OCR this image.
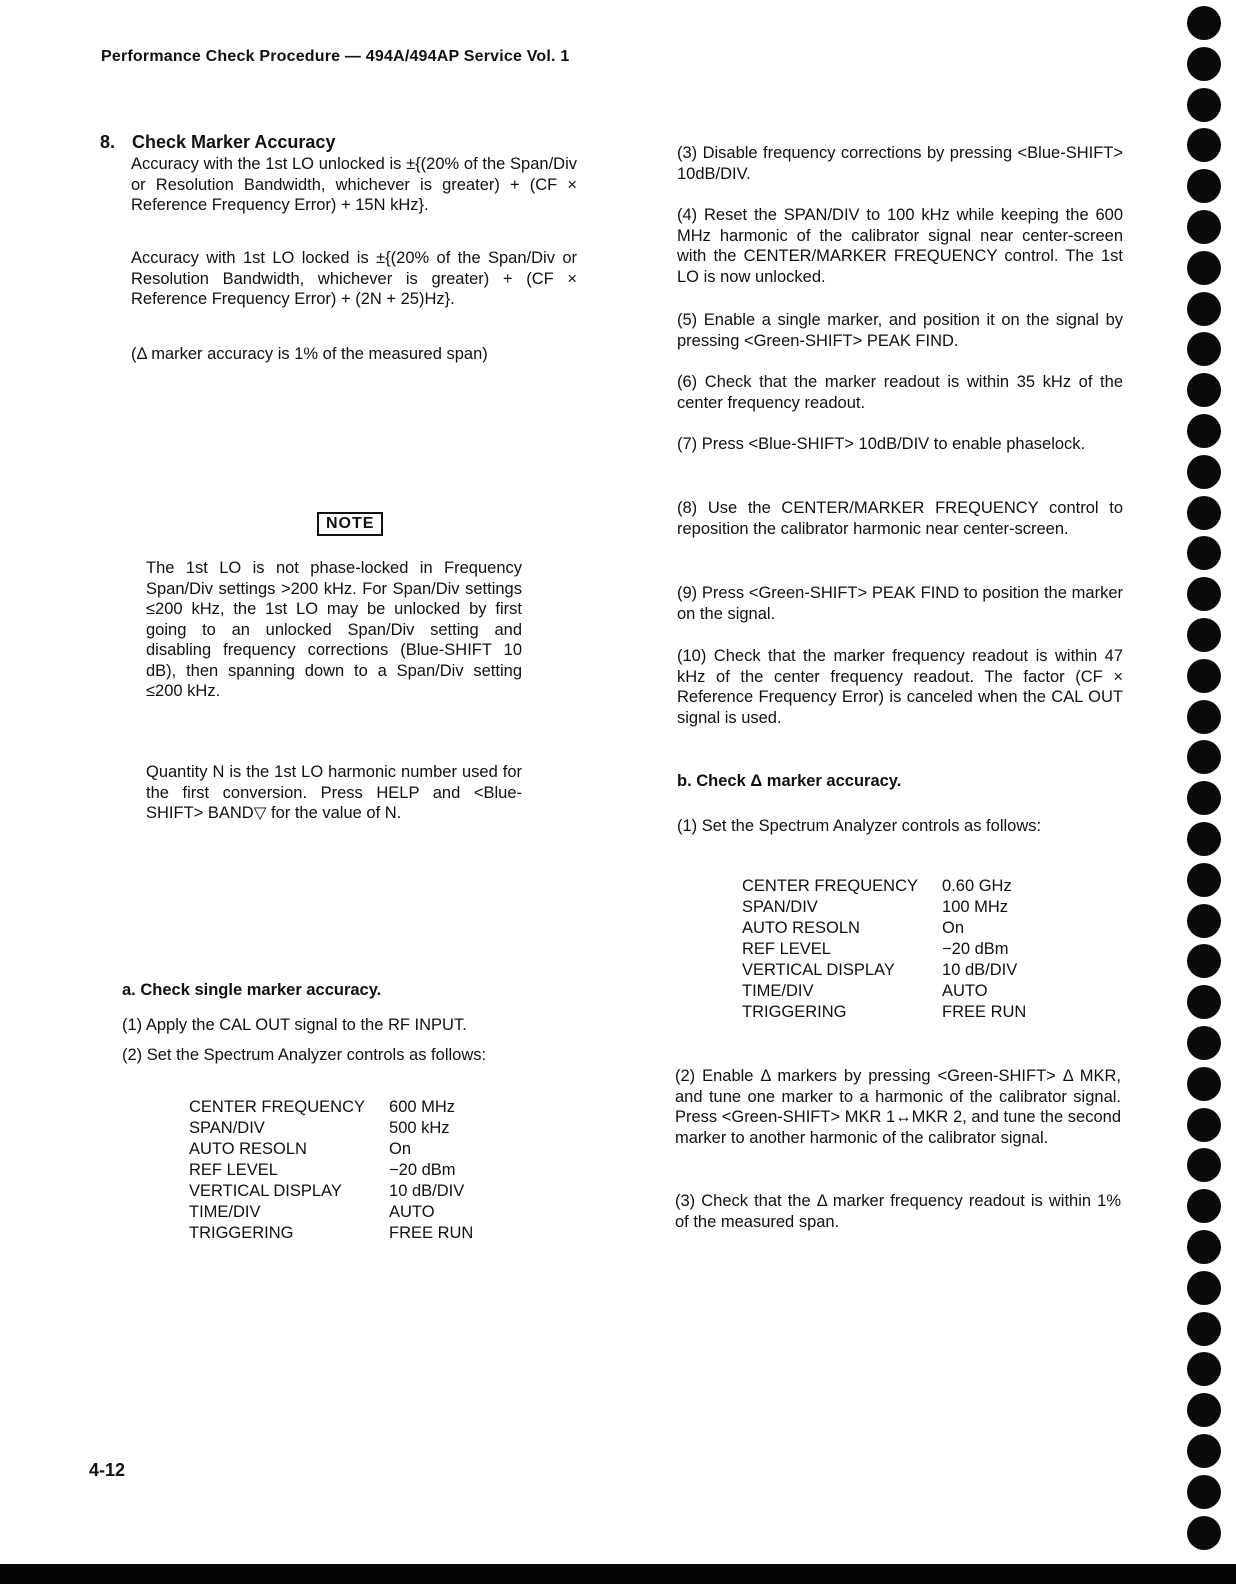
Performance Check Procedure — 494A/494AP Service Vol. 1
8. Check Marker Accuracy

Accuracy with the 1st LO unlocked is ±{(20% of the Span/Div or Resolution Bandwidth, whichever is greater) + (CF × Reference Frequency Error) + 15N kHz}.

Accuracy with 1st LO locked is ±{(20% of the Span/Div or Resolution Bandwidth, whichever is greater) + (CF × Reference Frequency Error) + (2N + 25)Hz}.

(Δ marker accuracy is 1% of the measured span)

NOTE

The 1st LO is not phase-locked in Frequency Span/Div settings >200 kHz. For Span/Div settings ≤200 kHz, the 1st LO may be unlocked by first going to an unlocked Span/Div setting and disabling frequency corrections (Blue-SHIFT 10 dB), then spanning down to a Span/Div setting ≤200 kHz.

Quantity N is the 1st LO harmonic number used for the first conversion. Press HELP and <Blue-SHIFT> BAND▽ for the value of N.

a. Check single marker accuracy.
(1) Apply the CAL OUT signal to the RF INPUT.
(2) Set the Spectrum Analyzer controls as follows:
CENTER FREQUENCY	600 MHz
SPAN/DIV	500 kHz
AUTO RESOLN	On
REF LEVEL	−20 dBm
VERTICAL DISPLAY	10 dB/DIV
TIME/DIV	AUTO
TRIGGERING	FREE RUN
4-12

(3) Disable frequency corrections by pressing <Blue-SHIFT> 10dB/DIV.

(4) Reset the SPAN/DIV to 100 kHz while keeping the 600 MHz harmonic of the calibrator signal near center-screen with the CENTER/MARKER FREQUENCY control. The 1st LO is now unlocked.

(5) Enable a single marker, and position it on the signal by pressing <Green-SHIFT> PEAK FIND.

(6) Check that the marker readout is within 35 kHz of the center frequency readout.

(7) Press <Blue-SHIFT> 10dB/DIV to enable phaselock.

(8) Use the CENTER/MARKER FREQUENCY control to reposition the calibrator harmonic near center-screen.

(9) Press <Green-SHIFT> PEAK FIND to position the marker on the signal.

(10) Check that the marker frequency readout is within 47 kHz of the center frequency readout. The factor (CF × Reference Frequency Error) is canceled when the CAL OUT signal is used.

b. Check Δ marker accuracy.
(1) Set the Spectrum Analyzer controls as follows:
CENTER FREQUENCY	0.60 GHz
SPAN/DIV	100 MHz
AUTO RESOLN	On
REF LEVEL	−20 dBm
VERTICAL DISPLAY	10 dB/DIV
TIME/DIV	AUTO
TRIGGERING	FREE RUN

(2) Enable Δ markers by pressing <Green-SHIFT> Δ MKR, and tune one marker to a harmonic of the calibrator signal. Press <Green-SHIFT> MKR 1↔MKR 2, and tune the second marker to another harmonic of the calibrator signal.

(3) Check that the Δ marker frequency readout is within 1% of the measured span.
